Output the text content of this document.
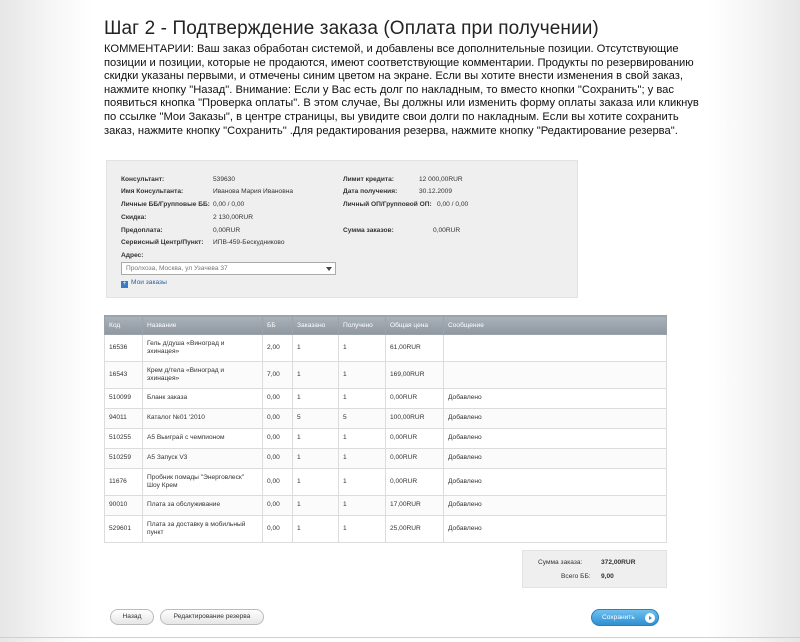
Шаг 2 - Подтверждение заказа (Оплата при получении)

КОММЕНТАРИИ: Ваш заказ обработан системой, и добавлены все дополнительные позиции. Отсутствующие позиции и позиции, которые не продаются, имеют соответствующие комментарии. Продукты по резервированию скидки указаны первыми, и отмечены синим цветом на экране. Если вы хотите внести изменения в свой заказ, нажмите кнопку "Назад". Внимание: Если у Вас есть долг по накладным, то вместо кнопки "Сохранить"; у вас появиться кнопка "Проверка оплаты". В этом случае, Вы должны или изменить форму оплаты заказа или кликнув по ссылке "Мои Заказы", в центре страницы, вы увидите свои долги по накладным. Если вы хотите сохранить заказ, нажмите кнопку "Сохранить" .Для редактирования резерва, нажмите кнопку "Редактирование резерва".

Консультант:	539630
Имя Консультанта:	Иванова Мария Ивановна
Личные ББ/Групповые ББ: 0,00 / 0,00
Скидка:	2 130,00RUR
Предоплата:	0,00RUR
Сервисный Центр/Пункт: ИПВ-459-Бескудниково
Адрес:
Пролхоза, Москва, ул Узачева 37
+ Мои заказы
Лимит кредита:	12 000,00RUR
Дата получения:	30.12.2009
Личный ОП/Групповой ОП: 0,00 / 0,00
Сумма заказов:	0,00RUR
Код	Название	ББ	Заказано	Получено	Общая цена	Сообщение
16536	Гель д/душа «Виноград и эхинацея»	2,00	1	1	61,00RUR	
16543	Крем д/тела «Виноград и эхинацея»	7,00	1	1	169,00RUR	
510099	Бланк заказа	0,00	1	1	0,00RUR	Добавлено
94011	Каталог №01 '2010	0,00	5	5	100,00RUR	Добавлено
510255	А5 Выиграй с чемпионом	0,00	1	1	0,00RUR	Добавлено
510259	А5 Запуск V3	0,00	1	1	0,00RUR	Добавлено
11676	Пробник помады "Энерговлеск" Шоу Крем	0,00	1	1	0,00RUR	Добавлено
90010	Плата за обслуживание	0,00	1	1	17,00RUR	Добавлено
529601	Плата за доставку в мобильный пункт	0,00	1	1	25,00RUR	Добавлено
Сумма заказа:	372,00RUR
Всего ББ: 9,00
Назад	Редактирование резерва	Сохранить
